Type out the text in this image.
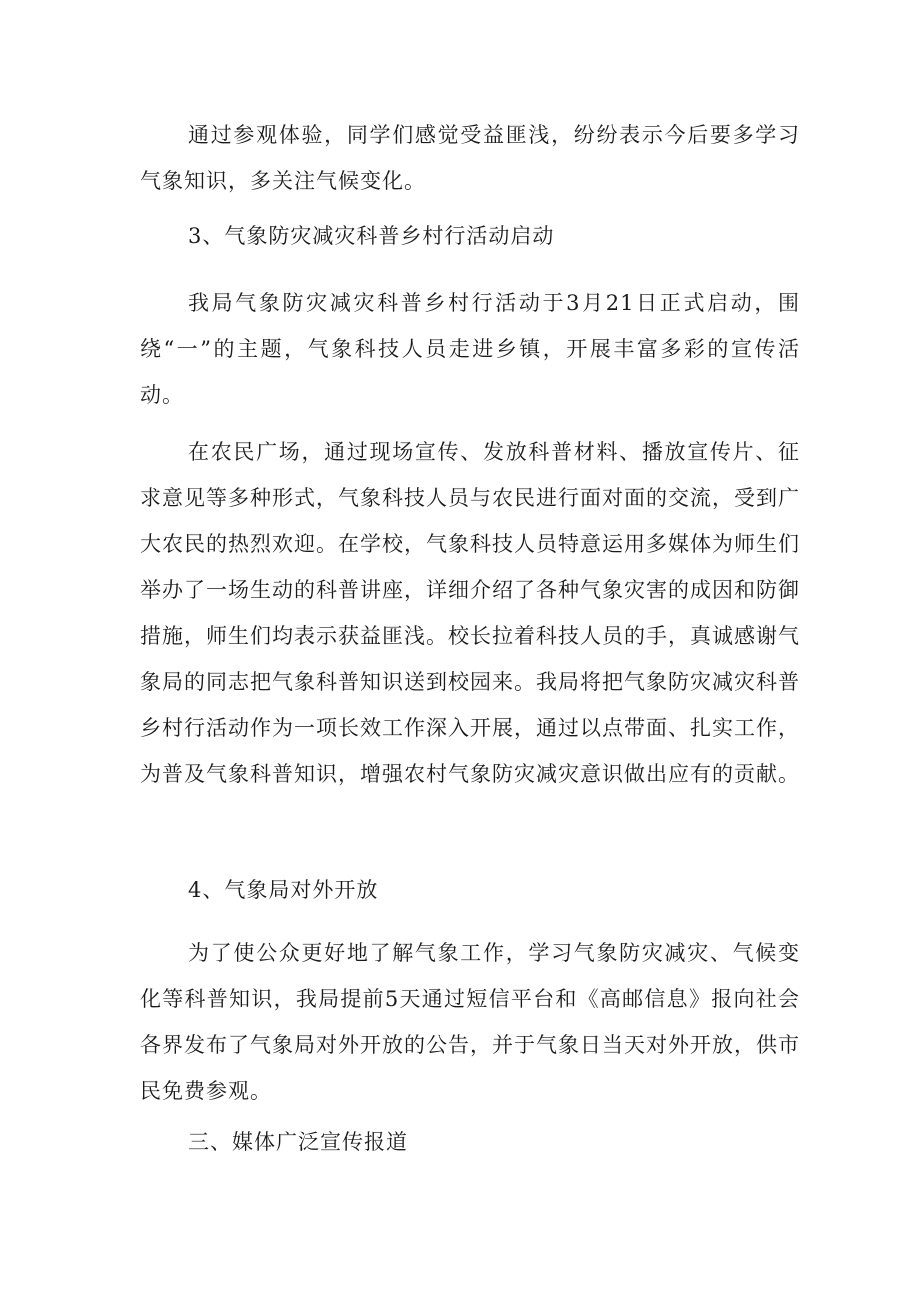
通过参观体验，同学们感觉受益匪浅，纷纷表示今后要多学习气象知识，多关注气候变化。

3、气象防灾减灾科普乡村行活动启动

我局气象防灾减灾科普乡村行活动于3月21日正式启动，围绕“一”的主题，气象科技人员走进乡镇，开展丰富多彩的宣传活动。

在农民广场，通过现场宣传、发放科普材料、播放宣传片、征求意见等多种形式，气象科技人员与农民进行面对面的交流，受到广大农民的热烈欢迎。在学校，气象科技人员特意运用多媒体为师生们举办了一场生动的科普讲座，详细介绍了各种气象灾害的成因和防御措施，师生们均表示获益匪浅。校长拉着科技人员的手，真诚感谢气象局的同志把气象科普知识送到校园来。我局将把气象防灾减灾科普乡村行活动作为一项长效工作深入开展，通过以点带面、扎实工作，为普及气象科普知识，增强农村气象防灾减灾意识做出应有的贡献。

4、气象局对外开放

为了使公众更好地了解气象工作，学习气象防灾减灾、气候变化等科普知识，我局提前5天通过短信平台和《高邮信息》报向社会各界发布了气象局对外开放的公告，并于气象日当天对外开放，供市民免费参观。

三、媒体广泛宣传报道
